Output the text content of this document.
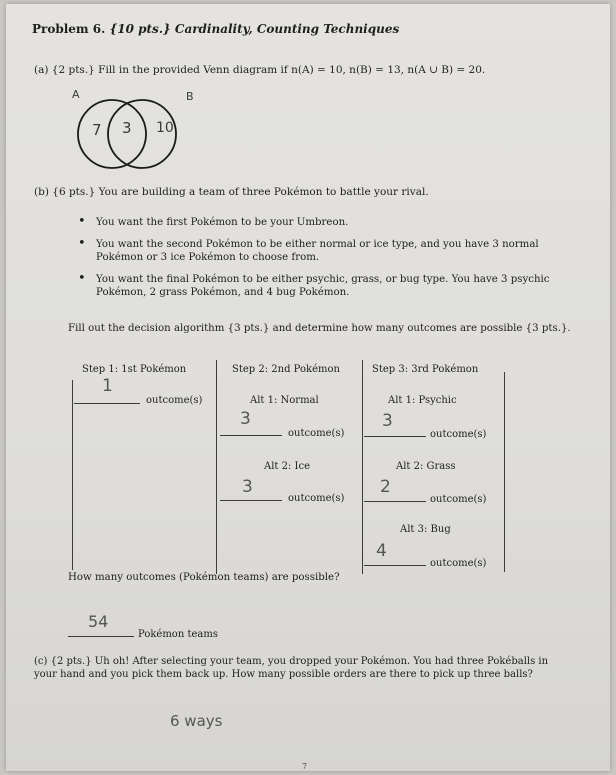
Problem 6. {10 pts.} Cardinality, Counting Techniques
(a) {2 pts.} Fill in the provided Venn diagram if n(A) = 10, n(B) = 13, n(A ∪ B) = 20.
A	B
7 3 10
(b) {6 pts.} You are building a team of three Pokémon to battle your rival.
• You want the first Pokémon to be your Umbreon.
• You want the second Pokémon to be either normal or ice type, and you have 3 normal Pokémon or 3 ice Pokémon to choose from.
• You want the final Pokémon to be either psychic, grass, or bug type. You have 3 psychic Pokémon, 2 grass Pokémon, and 4 bug Pokémon.
Fill out the decision algorithm {3 pts.} and determine how many outcomes are possible {3 pts.}.
Step 1: 1st Pokémon	Step 2: 2nd Pokémon	Step 3: 3rd Pokémon
1
outcome(s)	Alt 1: Normal
3
outcome(s)
Alt 2: Ice
3
outcome(s)
Alt 1: Psychic
3
outcome(s)
Alt 2: Grass
2
outcome(s)
Alt 3: Bug
4
outcome(s)
How many outcomes (Pokémon teams) are possible?
54
Pokémon teams
(c) {2 pts.} Uh oh! After selecting your team, you dropped your Pokémon. You had three Pokéballs in your hand and you pick them back up. How many possible orders are there to pick up three balls?
6 ways
7
